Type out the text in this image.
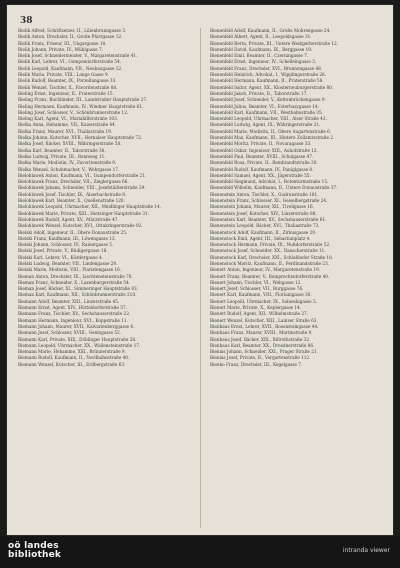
38

Bielik Alfred, Schriftsetzer, II., Lilienbrunngasse 3.

Bielik Anton, Drechsler, II., Große Pfarrgasse 12.

Bielik Franz, Friseur, III., Ungargasse 18.

Bielik Johann, Private, IV., Mühlgasse 7.

Bielik Josef, Schneidermeister, V., Margaretenstraße 41.

Bielik Karl, Lehrer, VI., Gumpendorferstraße 54.

Bielik Leopold, Kaufmann, VII., Neubaugasse 22.

Bielik Maria, Private, VIII., Lange Gasse 9.

Bielik Rudolf, Beamter, IX., Porzellangasse 33.

Bielik Wenzel, Tischler, X., Favoritenstraße 88.

Bieling Ernst, Ingenieur, II., Praterstraße 15.

Bieling Franz, Buchbinder, III., Landstraßer Hauptstraße 27.

Bieling Hermann, Kaufmann, IV., Wiedner Hauptstraße 61.

Bieling Josef, Schlosser, V., Schönbrunnerstraße 12.

Bieling Karl, Agent, VI., Mariahilferstraße 103.

Bielka Anna, Hebamme, VII., Kaiserstraße 44.

Bielka Franz, Maurer, XVI., Thaliastraße 19.

Bielka Johann, Kutscher, XVII., Hernalser Hauptstraße 72.

Bielka Josef, Bäcker, XVIII., Währingerstraße 58.

Bielka Karl, Beamter, II., Taborstraße 36.

Bielka Ludwig, Private, III., Rennweg 11.

Bielka Marie, Modistin, IV., Favoritenstraße 9.

Bielka Wenzel, Schuhmacher, V., Wehrgasse 17.

Bielohlawek Anton, Kaufmann, VI., Gumpendorferstraße 21.

Bielohlawek Franz, Drechsler, VII., Zieglergasse 66.

Bielohlawek Johann, Schneider, VIII., Josefstädterstraße 39.

Bielohlawek Josef, Tischler, IX., Alserbachstraße 8.

Bielohlawek Karl, Beamter, X., Quellenstraße 120.

Bielohlawek Leopold, Uhrmacher, XII., Meidlinger Hauptstraße 14.

Bielohlawek Marie, Private, XIII., Hietzinger Hauptstraße 31.

Bielohlawek Rudolf, Agent, XV., Märzstraße 47.

Bielohlawek Wenzel, Kutscher, XVI., Ottakringerstraße 92.

Bielski Adolf, Ingenieur, II., Obere Donaustraße 25.

Bielski Franz, Kaufmann, III., Löwengasse 13.

Bielski Johann, Schlosser, IV., Rainergasse 5.

Bielski Josef, Private, V., Rüdigergasse 18.

Bielski Karl, Lehrer, VI., Köstlergasse 4.

Bielski Ludwig, Beamter, VII., Lindengasse 29.

Bielski Marie, Modistin, VIII., Piaristengasse 16.

Bieman Anton, Drechsler, IX., Liechtensteinstraße 70.

Bieman Franz, Schneider, X., Laxenburgerstraße 54.

Bieman Josef, Bäcker, XI., Simmeringer Hauptstraße 83.

Bieman Karl, Kaufmann, XII., Schönbrunnerstraße 210.

Biemann Adolf, Beamter, XIII., Linzerstraße 45.

Biemann Ernst, Agent, XIV., Hütteldorferstraße 37.

Biemann Franz, Tischler, XV., Sechshauserstraße 22.

Biemann Hermann, Ingenieur, XVI., Koppstraße 11.

Biemann Johann, Maurer, XVII., Kalvarienberggasse 6.

Biemann Josef, Schlosser, XVIII., Gentzgasse 52.

Biemann Karl, Private, XIX., Döblinger Hauptstraße 28.

Biemann Leopold, Uhrmacher, XX., Wallensteinstraße 17.

Biemann Marie, Hebamme, XXI., Brünnerstraße 9.

Biemann Rudolf, Kaufmann, II., Nordbahnstraße 40.

Biemann Wenzel, Kutscher, III., Erdbergstraße 63.

Bienenfeld Adolf, Kaufmann, II., Große Mohrengasse 24.

Bienenfeld Albert, Agent, II., Leopoldsgasse 31.

Bienenfeld Berta, Private, III., Untere Weißgerberstraße 12.

Bienenfeld David, Kaufmann, IX., Berggasse 19.

Bienenfeld Emil, Beamter, II., Czerningasse 7.

Bienenfeld Ernst, Ingenieur, IV., Schelleingasse 3.

Bienenfeld Franz, Drechsler, XVI., Brunnengasse 48.

Bienenfeld Heinrich, Advokat, I., Wipplingerstraße 26.

Bienenfeld Hermann, Kaufmann, II., Praterstraße 58.

Bienenfeld Isidor, Agent, XX., Klosterneuburgerstraße 80.

Bienenfeld Jakob, Private, II., Taborstraße 17.

Bienenfeld Josef, Schneider, V., Kettenbrückengasse 9.

Bienenfeld Julius, Beamter, VI., Esterhazygasse 14.

Bienenfeld Karl, Kaufmann, VII., Westbahnstraße 35.

Bienenfeld Leopold, Uhrmacher, VIII., Alser Straße 43.

Bienenfeld Ludwig, Agent, IX., Währingerstraße 21.

Bienenfeld Marie, Modistin, II., Obere Augartenstraße 6.

Bienenfeld Max, Kaufmann, III., Hintere Zollamtsstraße 2.

Bienenfeld Moritz, Private, II., Novaragasse 33.

Bienenfeld Oskar, Ingenieur, XIII., Auhofstraße 12.

Bienenfeld Paul, Beamter, XVIII., Schulgasse 47.

Bienenfeld Rosa, Private, II., Rembrandtstraße 20.

Bienenfeld Rudolf, Kaufmann, IV., Paniglgasse 8.

Bienenfeld Samuel, Agent, XX., Jägerstraße 55.

Bienenfeld Siegmund, Advokat, I., Rotenturmstraße 15.

Bienenfeld Wilhelm, Kaufmann, II., Untere Donaustraße 37.

Bienenstein Anton, Tischler, X., Gudrunstraße 101.

Bienenstein Franz, Schlosser, XI., Geiselbergstraße 24.

Bienenstein Johann, Maurer, XII., Tivoligasse 16.

Bienenstein Josef, Kutscher, XIV., Linzerstraße 88.

Bienenstein Karl, Beamter, XV., Sechshauserstraße 61.

Bienenstein Leopold, Bäcker, XVI., Thaliastraße 73.

Bienenstock Adolf, Kaufmann, II., Zirkusgasse 29.

Bienenstock Emil, Agent, III., Sebastianplatz 4.

Bienenstock Hermann, Private, IX., Nußdorferstraße 52.

Bienenstock Josef, Schneider, XX., Rauscherstraße 11.

Bienenstock Karl, Drechsler, XXI., Schloßhofer Straße 18.

Bienenstock Moritz, Kaufmann, II., Ferdinandstraße 23.

Bienert Anton, Ingenieur, IV., Margaretenstraße 19.

Bienert Franz, Beamter, V., Reinprechtsdorferstraße 40.

Bienert Johann, Tischler, VI., Webgasse 12.

Bienert Josef, Schlosser, VII., Burggasse 76.

Bienert Karl, Kaufmann, VIII., Florianigasse 30.

Bienert Leopold, Uhrmacher, IX., Sobieskigasse 5.

Bienert Marie, Private, X., Keplergasse 14.

Bienert Rudolf, Agent, XII., Wilhelmstraße 27.

Bienert Wenzel, Kutscher, XIII., Lainzer Straße 63.

Bienhaus Ernst, Lehrer, XVII., Rosensteingasse 44.

Bienhaus Franz, Maurer, XVIII., Martinstraße 9.

Bienhaus Josef, Bäcker, XIX., Billrothstraße 32.

Bienhaus Karl, Beamter, XX., Dresdnerstraße 86.

Bienias Johann, Schneider, XXI., Prager Straße 21.

Bienias Josef, Private, II., Vorgartenstraße 112.

Bienko Franz, Drechsler, III., Kegelgasse 7.

oö landes
bibliothek	intranda viewer
